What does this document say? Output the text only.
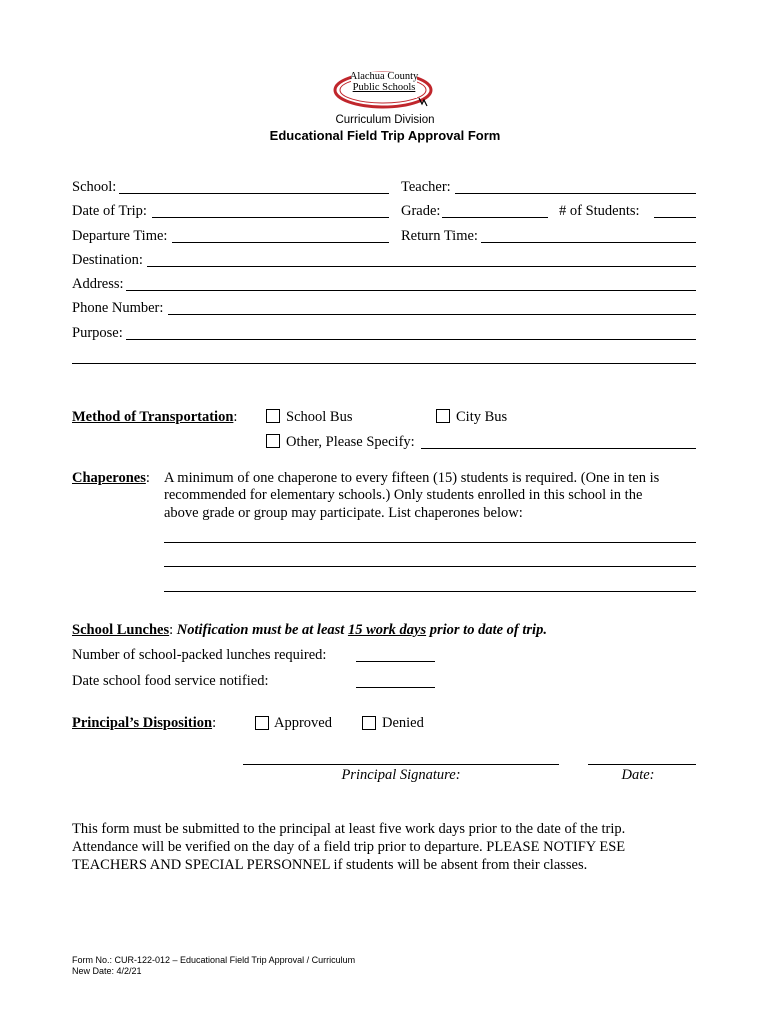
Alachua County
Public Schools
Curriculum Division
Educational Field Trip Approval Form
School:	Teacher:
Date of Trip:	Grade:	# of Students:
Departure Time:	Return Time:
Destination:
Address:
Phone Number:
Purpose:
Method of Transportation:	School Bus	City Bus
Other, Please Specify:
Chaperones: A minimum of one chaperone to every fifteen (15) students is required. (One in ten is
recommended for elementary schools.) Only students enrolled in this school in the
above grade or group may participate. List chaperones below:
School Lunches: Notification must be at least 15 work days prior to date of trip.
Number of school-packed lunches required:
Date school food service notified:
Principal’s Disposition:	Approved	Denied
Principal Signature:	Date:
This form must be submitted to the principal at least five work days prior to the date of the trip.
Attendance will be verified on the day of a field trip prior to departure. PLEASE NOTIFY ESE
TEACHERS AND SPECIAL PERSONNEL if students will be absent from their classes.
Form No.: CUR-122-012 – Educational Field Trip Approval / Curriculum
New Date: 4/2/21
